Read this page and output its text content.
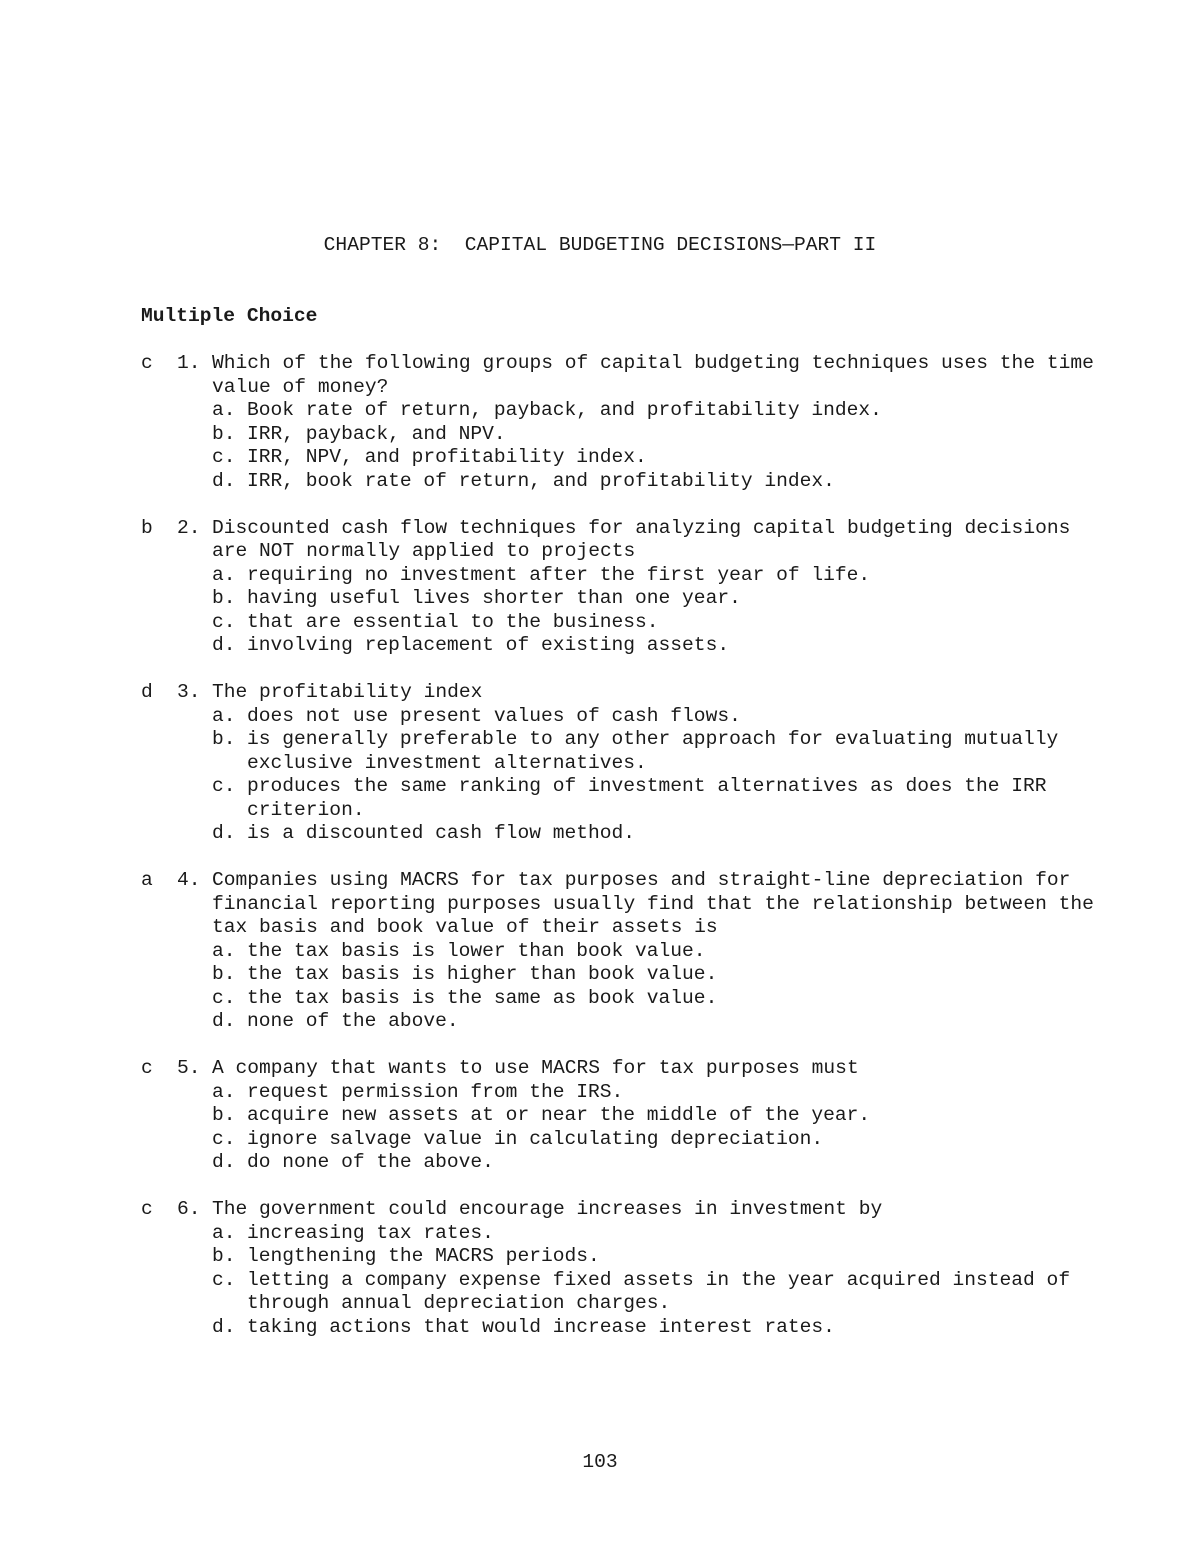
CHAPTER 8:  CAPITAL BUDGETING DECISIONS—PART II
Multiple Choice
c	1. Which of the following groups of capital budgeting techniques uses the time value of money?
a. Book rate of return, payback, and profitability index.
b. IRR, payback, and NPV.
c. IRR, NPV, and profitability index.
d. IRR, book rate of return, and profitability index.
b	2. Discounted cash flow techniques for analyzing capital budgeting decisions are NOT normally applied to projects
a. requiring no investment after the first year of life.
b. having useful lives shorter than one year.
c. that are essential to the business.
d. involving replacement of existing assets.
d	3. The profitability index
a. does not use present values of cash flows.
b. is generally preferable to any other approach for evaluating mutually exclusive investment alternatives.
c. produces the same ranking of investment alternatives as does the IRR criterion.
d. is a discounted cash flow method.
a	4. Companies using MACRS for tax purposes and straight-line depreciation for financial reporting purposes usually find that the relationship between the tax basis and book value of their assets is
a. the tax basis is lower than book value.
b. the tax basis is higher than book value.
c. the tax basis is the same as book value.
d. none of the above.
c	5. A company that wants to use MACRS for tax purposes must
a. request permission from the IRS.
b. acquire new assets at or near the middle of the year.
c. ignore salvage value in calculating depreciation.
d. do none of the above.
c	6. The government could encourage increases in investment by
a. increasing tax rates.
b. lengthening the MACRS periods.
c. letting a company expense fixed assets in the year acquired instead of through annual depreciation charges.
d. taking actions that would increase interest rates.
103
